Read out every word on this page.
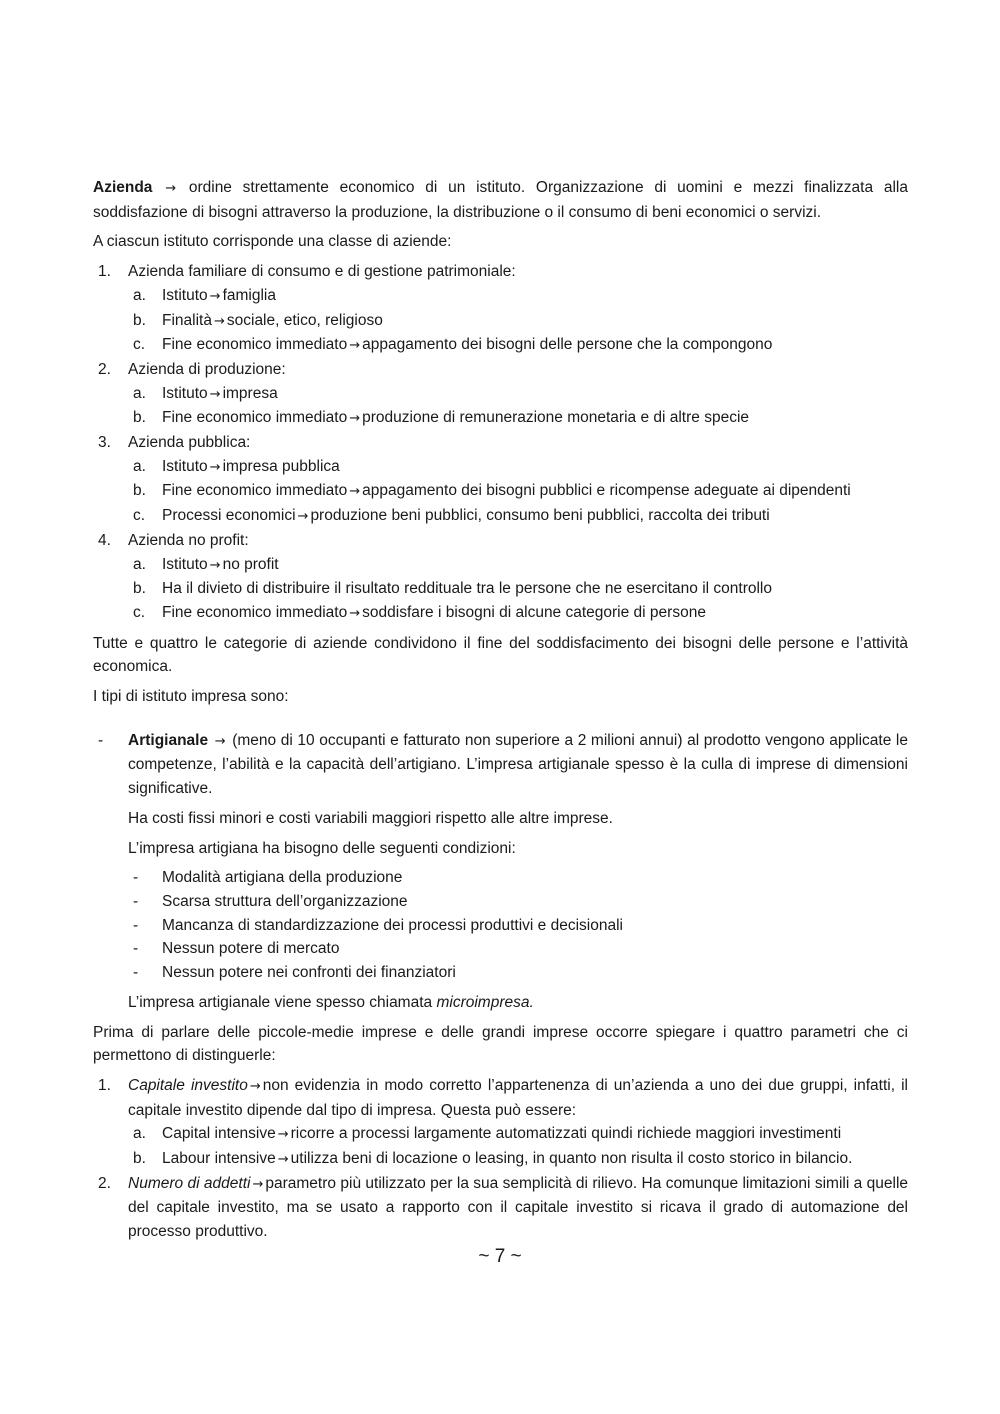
Azienda → ordine strettamente economico di un istituto. Organizzazione di uomini e mezzi finalizzata alla soddisfazione di bisogni attraverso la produzione, la distribuzione o il consumo di beni economici o servizi.

A ciascun istituto corrisponde una classe di aziende:

1. Azienda familiare di consumo e di gestione patrimoniale:
a. Istituto → famiglia
b. Finalità → sociale, etico, religioso
c. Fine economico immediato → appagamento dei bisogni delle persone che la compongono
2. Azienda di produzione:
a. Istituto → impresa
b. Fine economico immediato → produzione di remunerazione monetaria e di altre specie
3. Azienda pubblica:
a. Istituto → impresa pubblica
b. Fine economico immediato → appagamento dei bisogni pubblici e ricompense adeguate ai dipendenti
c. Processi economici → produzione beni pubblici, consumo beni pubblici, raccolta dei tributi
4. Azienda no profit:
a. Istituto → no profit
b. Ha il divieto di distribuire il risultato reddituale tra le persone che ne esercitano il controllo
c. Fine economico immediato → soddisfare i bisogni di alcune categorie di persone

Tutte e quattro le categorie di aziende condividono il fine del soddisfacimento dei bisogni delle persone e l’attività economica.

I tipi di istituto impresa sono:

- Artigianale → (meno di 10 occupanti e fatturato non superiore a 2 milioni annui) al prodotto vengono applicate le competenze, l’abilità e la capacità dell’artigiano. L’impresa artigianale spesso è la culla di imprese di dimensioni significative.

Ha costi fissi minori e costi variabili maggiori rispetto alle altre imprese.

L’impresa artigiana ha bisogno delle seguenti condizioni:

- Modalità artigiana della produzione
- Scarsa struttura dell’organizzazione
- Mancanza di standardizzazione dei processi produttivi e decisionali
- Nessun potere di mercato
- Nessun potere nei confronti dei finanziatori

L’impresa artigianale viene spesso chiamata microimpresa.

Prima di parlare delle piccole-medie imprese e delle grandi imprese occorre spiegare i quattro parametri che ci permettono di distinguerle:

1. Capitale investito → non evidenzia in modo corretto l’appartenenza di un’azienda a uno dei due gruppi, infatti, il capitale investito dipende dal tipo di impresa. Questa può essere:
a. Capital intensive → ricorre a processi largamente automatizzati quindi richiede maggiori investimenti
b. Labour intensive → utilizza beni di locazione o leasing, in quanto non risulta il costo storico in bilancio.
2. Numero di addetti → parametro più utilizzato per la sua semplicità di rilievo. Ha comunque limitazioni simili a quelle del capitale investito, ma se usato a rapporto con il capitale investito si ricava il grado di automazione del processo produttivo.
~ 7 ~
